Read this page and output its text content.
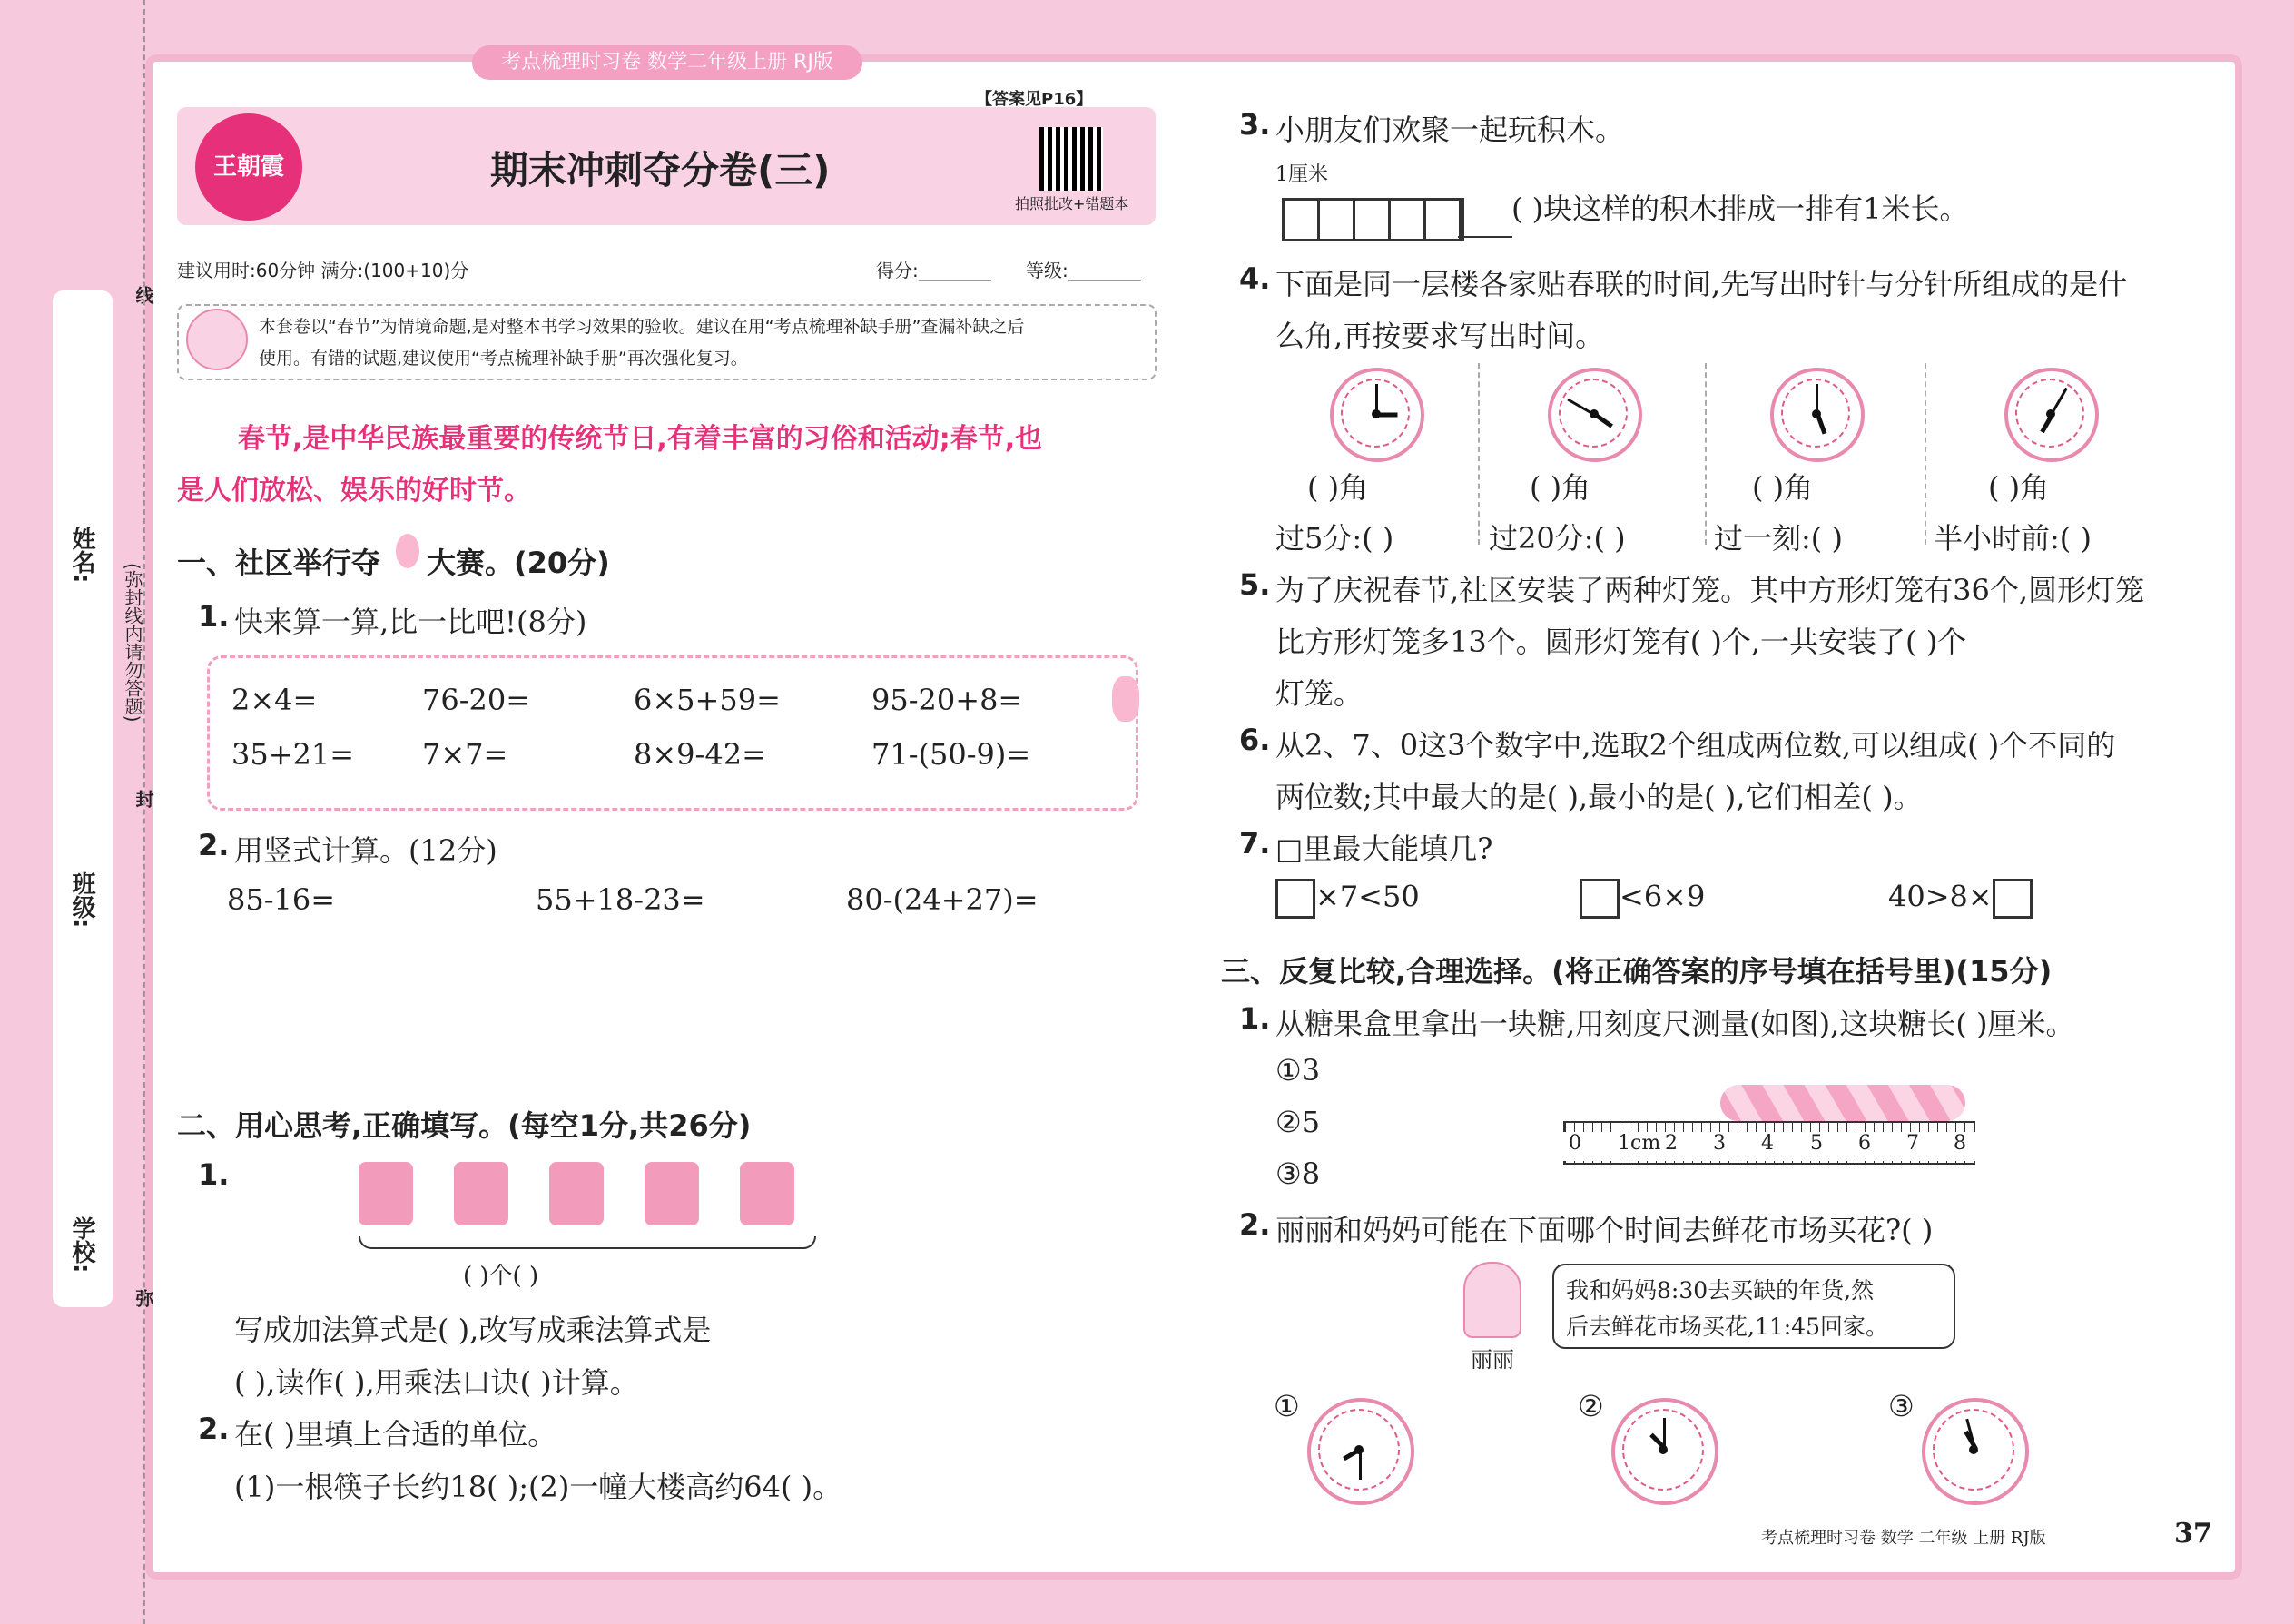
姓名:
班级:
学校:
(弥封线内请勿答题)
线
封
弥
考点梳理时习卷 数学二年级上册 RJ版
王朝霞	期末冲刺夺分卷(三)
【答案见P16】
拍照批改+错题本
建议用时:60分钟 满分:(100+10)分	得分:________ 等级:________
本套卷以“春节”为情境命题,是对整本书学习效果的验收。建议在用“考点梳理补缺手册”查漏补缺之后
使用。有错的试题,建议使用“考点梳理补缺手册”再次强化复习。
春节,是中华民族最重要的传统节日,有着丰富的习俗和活动;春节,也
是人们放松、娱乐的好时节。
一、社区举行夺 大赛。(20分)
1. 快来算一算,比一比吧!(8分)
2×4=	76-20=	6×5+59=	95-20+8=
35+21= 7×7=	8×9-42=	71-(50-9)=
2. 用竖式计算。(12分)
85-16=	55+18-23=	80-(24+27)=
二、用心思考,正确填写。(每空1分,共26分)
1.
( )个( )
写成加法算式是( ),改写成乘法算式是
( ),读作( ),用乘法口诀( )计算。
2. 在( )里填上合适的单位。
(1)一根筷子长约18( );(2)一幢大楼高约64( )。
3. 小朋友们欢聚一起玩积木。
1厘米
( )块这样的积木排成一排有1米长。
4. 下面是同一层楼各家贴春联的时间,先写出时针与分针所组成的是什
么角,再按要求写出时间。
( )角	( )角	( )角	( )角
过5分:( )	过20分:( )	过一刻:( )	半小时前:( )
5. 为了庆祝春节,社区安装了两种灯笼。其中方形灯笼有36个,圆形灯笼
比方形灯笼多13个。圆形灯笼有( )个,一共安装了( )个
灯笼。
6. 从2、7、0这3个数字中,选取2个组成两位数,可以组成( )个不同的
两位数;其中最大的是( ),最小的是( ),它们相差( )。
7. □里最大能填几?
×7<50	<6×9	40>8×
三、反复比较,合理选择。(将正确答案的序号填在括号里)(15分)
1. 从糖果盒里拿出一块糖,用刻度尺测量(如图),这块糖长( )厘米。
①3
②5
③8
0 1cm 2 3 4 5 6 7 8
2. 丽丽和妈妈可能在下面哪个时间去鲜花市场买花?( )
丽丽
我和妈妈8:30去买缺的年货,然
后去鲜花市场买花,11:45回家。
①	②	③
考点梳理时习卷 数学 二年级 上册 RJ版	37
